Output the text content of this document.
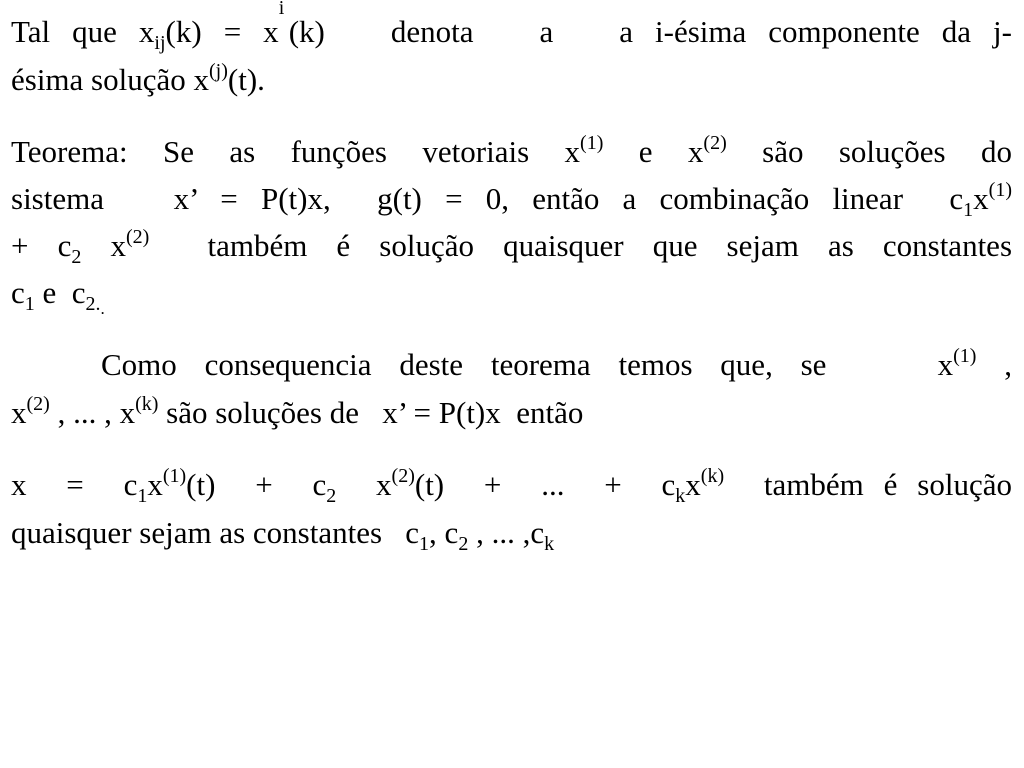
Tal que $x_{ij}(k) = x$
i
(k)   denota   a   a i-ésima componente da j-
ésima solução $x^{(j)}(t)$.
Teorema: Se as funções vetoriais $x^{(1)}$ e $x^{(2)}$ são soluções do
sistema   x’ = P(t)x,  g(t) = 0, então a combinação linear  $c_1x^{(1)}$
+ $c_2$ $x^{(2)}$  também é solução quaisquer que sejam as constantes
$c_1$ e  $c_{2..}$
Como consequencia deste teorema temos que, se    $x^{(1)}$ ,
$x^{(2)}$ , ... , $x^{(k)}$ são soluções de   x’ = P(t)x  então
$x = c_1x^{(1)}(t) + c_2$  $x^{(2)}(t)$  +  ...  +  $c_kx^{(k)}$  também é solução
quaisquer sejam as constantes   $c_1$, $c_2$ , ... $,c_k$
